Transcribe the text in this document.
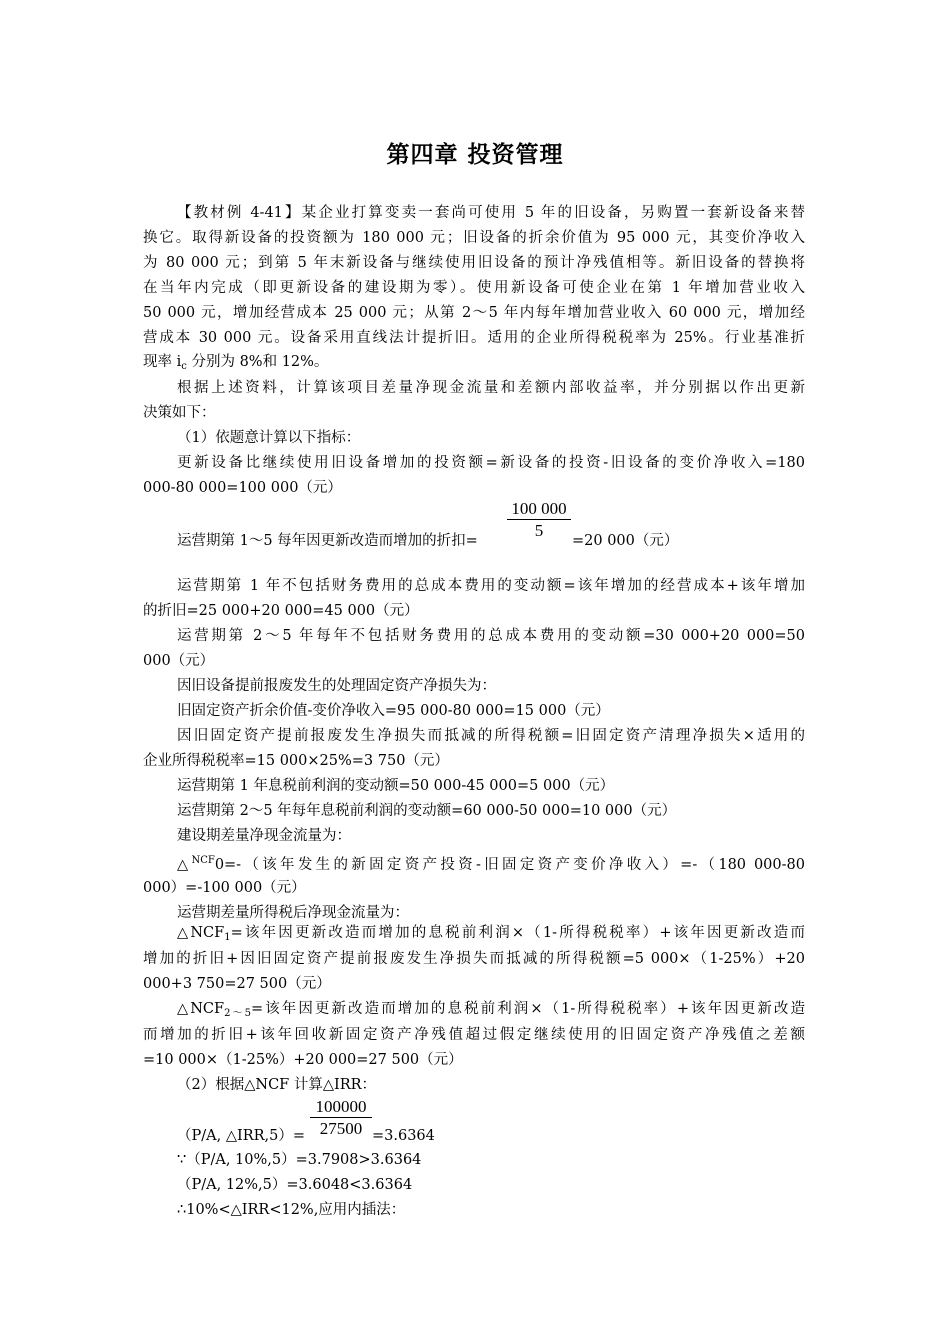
第四章 投资管理
【教材例 4-41】某企业打算变卖一套尚可使用 5 年的旧设备，另购置一套新设备来替
换它。取得新设备的投资额为 180 000 元；旧设备的折余价值为 95 000 元，其变价净收入
为 80 000 元；到第 5 年末新设备与继续使用旧设备的预计净残值相等。新旧设备的替换将
在当年内完成（即更新设备的建设期为零）。使用新设备可使企业在第 1 年增加营业收入
50 000 元，增加经营成本 25 000 元；从第 2～5 年内每年增加营业收入 60 000 元，增加经
营成本 30 000 元。设备采用直线法计提折旧。适用的企业所得税税率为 25%。行业基准折
现率 $i_c$ 分别为 8%和 12%。
根据上述资料，计算该项目差量净现金流量和差额内部收益率，并分别据以作出更新
决策如下：
（1）依题意计算以下指标：
更新设备比继续使用旧设备增加的投资额=新设备的投资-旧设备的变价净收入=180
000-80 000=100 000（元）
运营期第 1～5 每年因更新改造而增加的折扣= $\frac{100 000}{5} =20$ 000（元）
运营期第 1 年不包括财务费用的总成本费用的变动额=该年增加的经营成本+该年增加
的折旧=25 000+20 000=45 000（元）
运营期第 2～5 年每年不包括财务费用的总成本费用的变动额=30 000+20 000=50
000（元）
因旧设备提前报废发生的处理固定资产净损失为：
旧固定资产折余价值-变价净收入=95 000-80 000=15 000（元）
因旧固定资产提前报废发生净损失而抵减的所得税额=旧固定资产清理净损失×适用的
企业所得税税率=15 000×25%=3 750（元）
运营期第 1 年息税前利润的变动额=50 000-45 000=5 000（元）
运营期第 2～5 年每年息税前利润的变动额=60 000-50 000=10 000（元）
建设期差量净现金流量为：
△$^{NCF}$0=-（该年发生的新固定资产投资-旧固定资产变价净收入）=-（180 000-80
000）=-100 000（元）
运营期差量所得税后净现金流量为：
$\triangle NCF_1=$该年因更新改造而增加的息税前利润×（1-所得税税率）+该年因更新改造而
增加的折旧+因旧固定资产提前报废发生净损失而抵减的所得税额=5 000×（1-25%）+20
000+3 750=27 500（元）
$\triangle NCF_{2\sim 5}=$该年因更新改造而增加的息税前利润×（1-所得税税率）+该年因更新改造
而增加的折旧+该年回收新固定资产净残值超过假定继续使用的旧固定资产净残值之差额
=10 000×（1-25%）+20 000=27 500（元）
（2）根据△NCF 计算△IRR：
（P/A, △IRR,5）= $\frac{100000}{27500} =3.6364$
∵（P/A, 10%,5）=3.7908>3.6364
（P/A, 12%,5）=3.6048<3.6364
∴10%<△IRR<12%,应用内插法：
